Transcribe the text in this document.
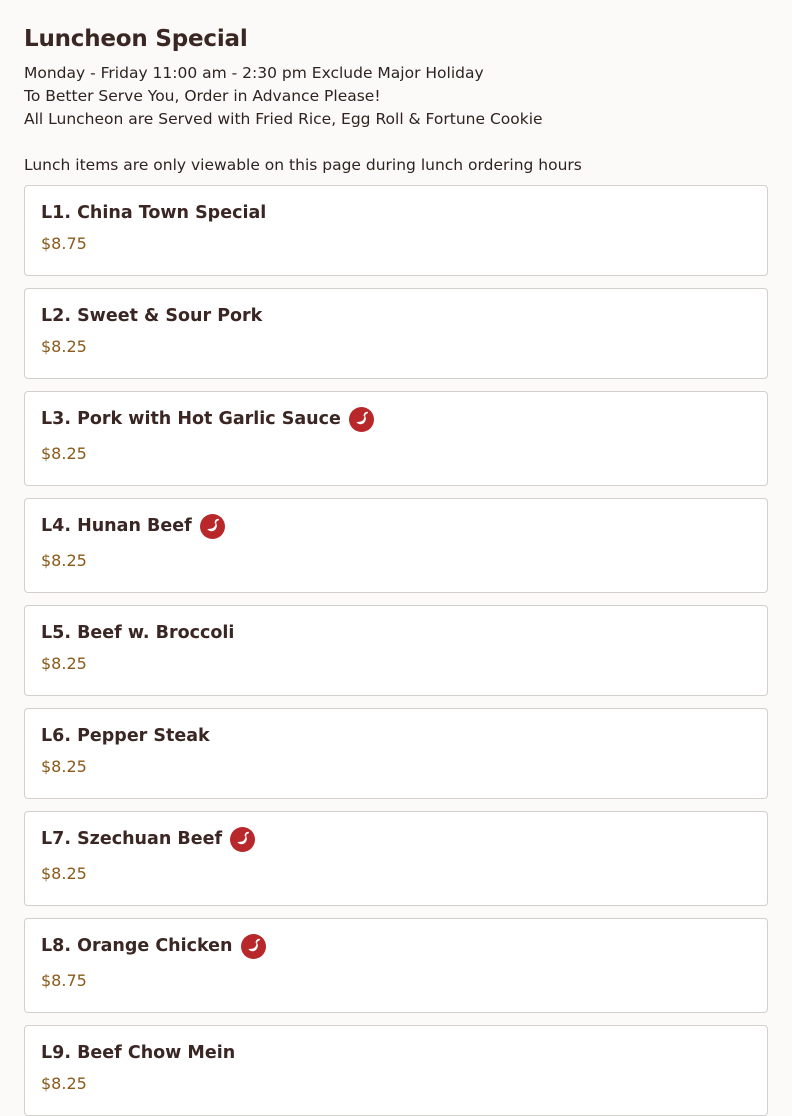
Luncheon Special
Monday - Friday 11:00 am - 2:30 pm Exclude Major Holiday
To Better Serve You, Order in Advance Please!
All Luncheon are Served with Fried Rice, Egg Roll & Fortune Cookie
Lunch items are only viewable on this page during lunch ordering hours
L1. China Town Special
$8.75
L2. Sweet & Sour Pork
$8.25
L3. Pork with Hot Garlic Sauce
$8.25
L4. Hunan Beef
$8.25
L5. Beef w. Broccoli
$8.25
L6. Pepper Steak
$8.25
L7. Szechuan Beef
$8.25
L8. Orange Chicken
$8.75
L9. Beef Chow Mein
$8.25
